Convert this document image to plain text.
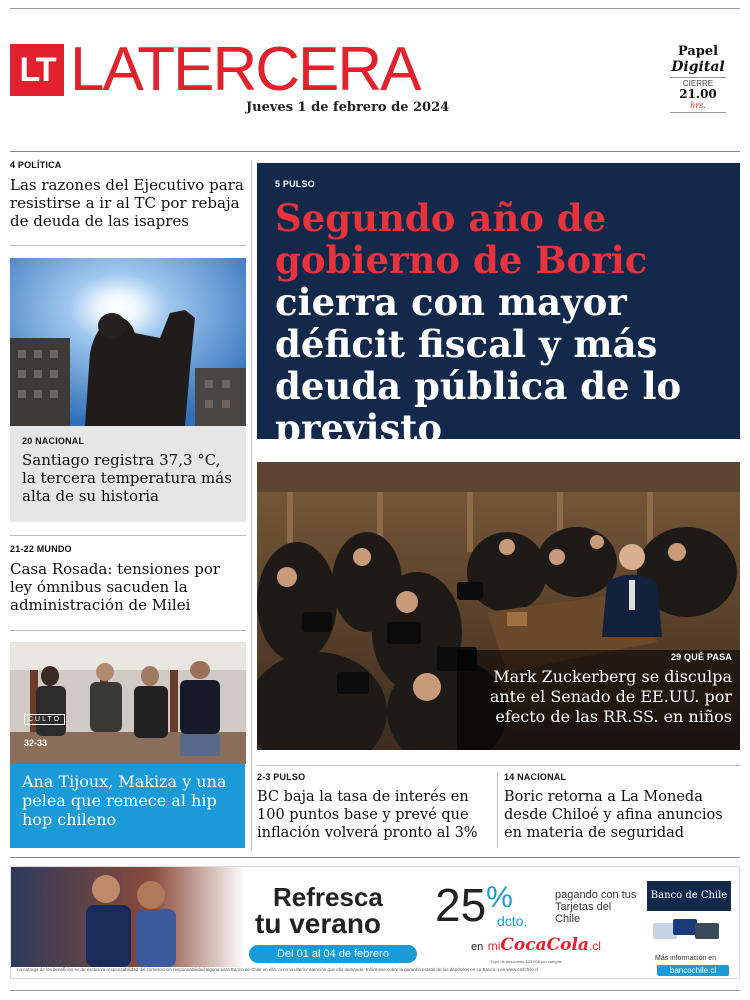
LT LATERCERA
Jueves 1 de febrero de 2024
Papel
Digital
CIERRE
21.00
hrs.
4 POLÍTICA
Las razones del Ejecutivo para resistirse a ir al TC por rebaja de deuda de las isapres
20 NACIONAL
Santiago registra 37,3 °C, la tercera temperatura más alta de su historia
21-22 MUNDO
Casa Rosada: tensiones por ley ómnibus sacuden la administración de Milei
CULTO
32-33
Ana Tijoux, Makiza y una pelea que remece al hip hop chileno
5 PULSO
Segundo año de gobierno de Boric
cierra con mayor déficit fiscal y más deuda pública de lo previsto
29 QUÉ PASA
Mark Zuckerberg se disculpa ante el Senado de EE.UU. por efecto de las RR.SS. en niños
2-3 PULSO
BC baja la tasa de interés en 100 puntos base y prevé que inflación volverá pronto al 3%
14 NACIONAL
Boric retorna a La Moneda desde Chiloé y afina anuncios en materia de seguridad
Refresca
tu verano
Del 01 al 04 de febrero
25%
dcto.
pagando con tus Tarjetas del Chile
en miCocaCola.cl
*Tope de descuento $25.000 por compra.
Banco de Chile
Más información en
bancochile.cl
La entrega de los beneficios es de exclusiva responsabilidad del comercio sin responsabilidad alguna para Banco de Chile en ella, ni en la ulterior atención que ello demande. Infórmese sobre la garantía estatal de los depósitos en su Banco o en www.cmfchile.cl
